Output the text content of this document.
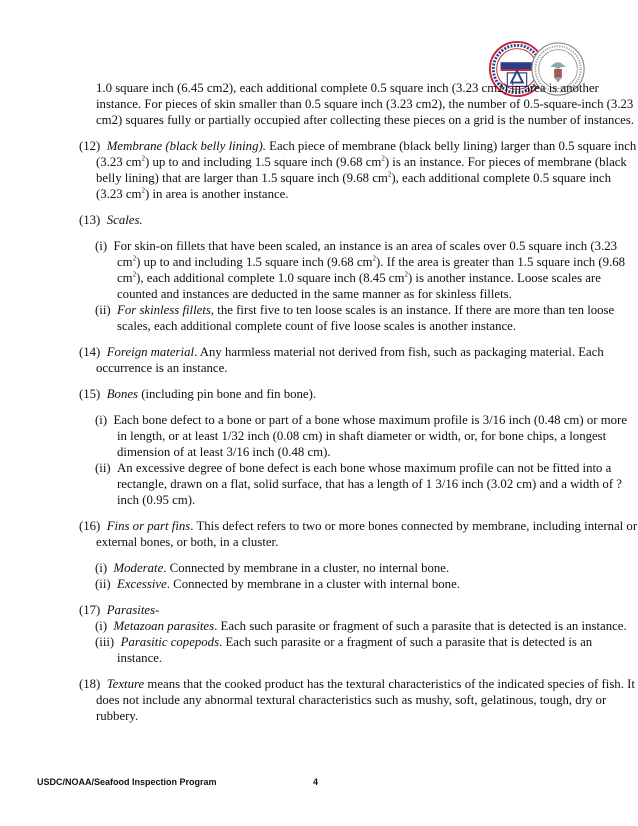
1.0 square inch (6.45 cm2), each additional complete 0.5 square inch (3.23 cm2) in area is another instance. For pieces of skin smaller than 0.5 square inch (3.23 cm2), the number of 0.5-square-inch (3.23 cm2) squares fully or partially occupied after collecting these pieces on a grid is the number of instances.

(12) Membrane (black belly lining). Each piece of membrane (black belly lining) larger than 0.5 square inch (3.23 $cm^2$) up to and including 1.5 square inch (9.68 $cm^2$) is an instance. For pieces of membrane (black belly lining) that are larger than 1.5 square inch (9.68 $cm^2$), each additional complete 0.5 square inch (3.23 $cm^2$) in area is another instance.

(13) Scales.

(i) For skin-on fillets that have been scaled, an instance is an area of scales over 0.5 square inch (3.23 $cm^2$) up to and including 1.5 square inch (9.68 $cm^2$). If the area is greater than 1.5 square inch (9.68 $cm^2$), each additional complete 1.0 square inch (8.45 $cm^2$) is another instance. Loose scales are counted and instances are deducted in the same manner as for skinless fillets.

(ii) For skinless fillets, the first five to ten loose scales is an instance. If there are more than ten loose scales, each additional complete count of five loose scales is another instance.

(14) Foreign material. Any harmless material not derived from fish, such as packaging material. Each occurrence is an instance.

(15) Bones (including pin bone and fin bone).

(i) Each bone defect to a bone or part of a bone whose maximum profile is 3/16 inch (0.48 cm) or more in length, or at least 1/32 inch (0.08 cm) in shaft diameter or width, or, for bone chips, a longest dimension of at least 3/16 inch (0.48 cm).

(ii) An excessive degree of bone defect is each bone whose maximum profile can not be fitted into a rectangle, drawn on a flat, solid surface, that has a length of 1 3/16 inch (3.02 cm) and a width of ? inch (0.95 cm).

(16) Fins or part fins. This defect refers to two or more bones connected by membrane, including internal or external bones, or both, in a cluster.

(i) Moderate. Connected by membrane in a cluster, no internal bone.

(ii) Excessive. Connected by membrane in a cluster with internal bone.

(17) Parasites-

(i) Metazoan parasites. Each such parasite or fragment of such a parasite that is detected is an instance.

(iii) Parasitic copepods. Each such parasite or a fragment of such a parasite that is detected is an instance.

(18) Texture means that the cooked product has the textural characteristics of the indicated species of fish. It does not include any abnormal textural characteristics such as mushy, soft, gelatinous, tough, dry or rubbery.

USDC/NOAA/Seafood Inspection Program	4
